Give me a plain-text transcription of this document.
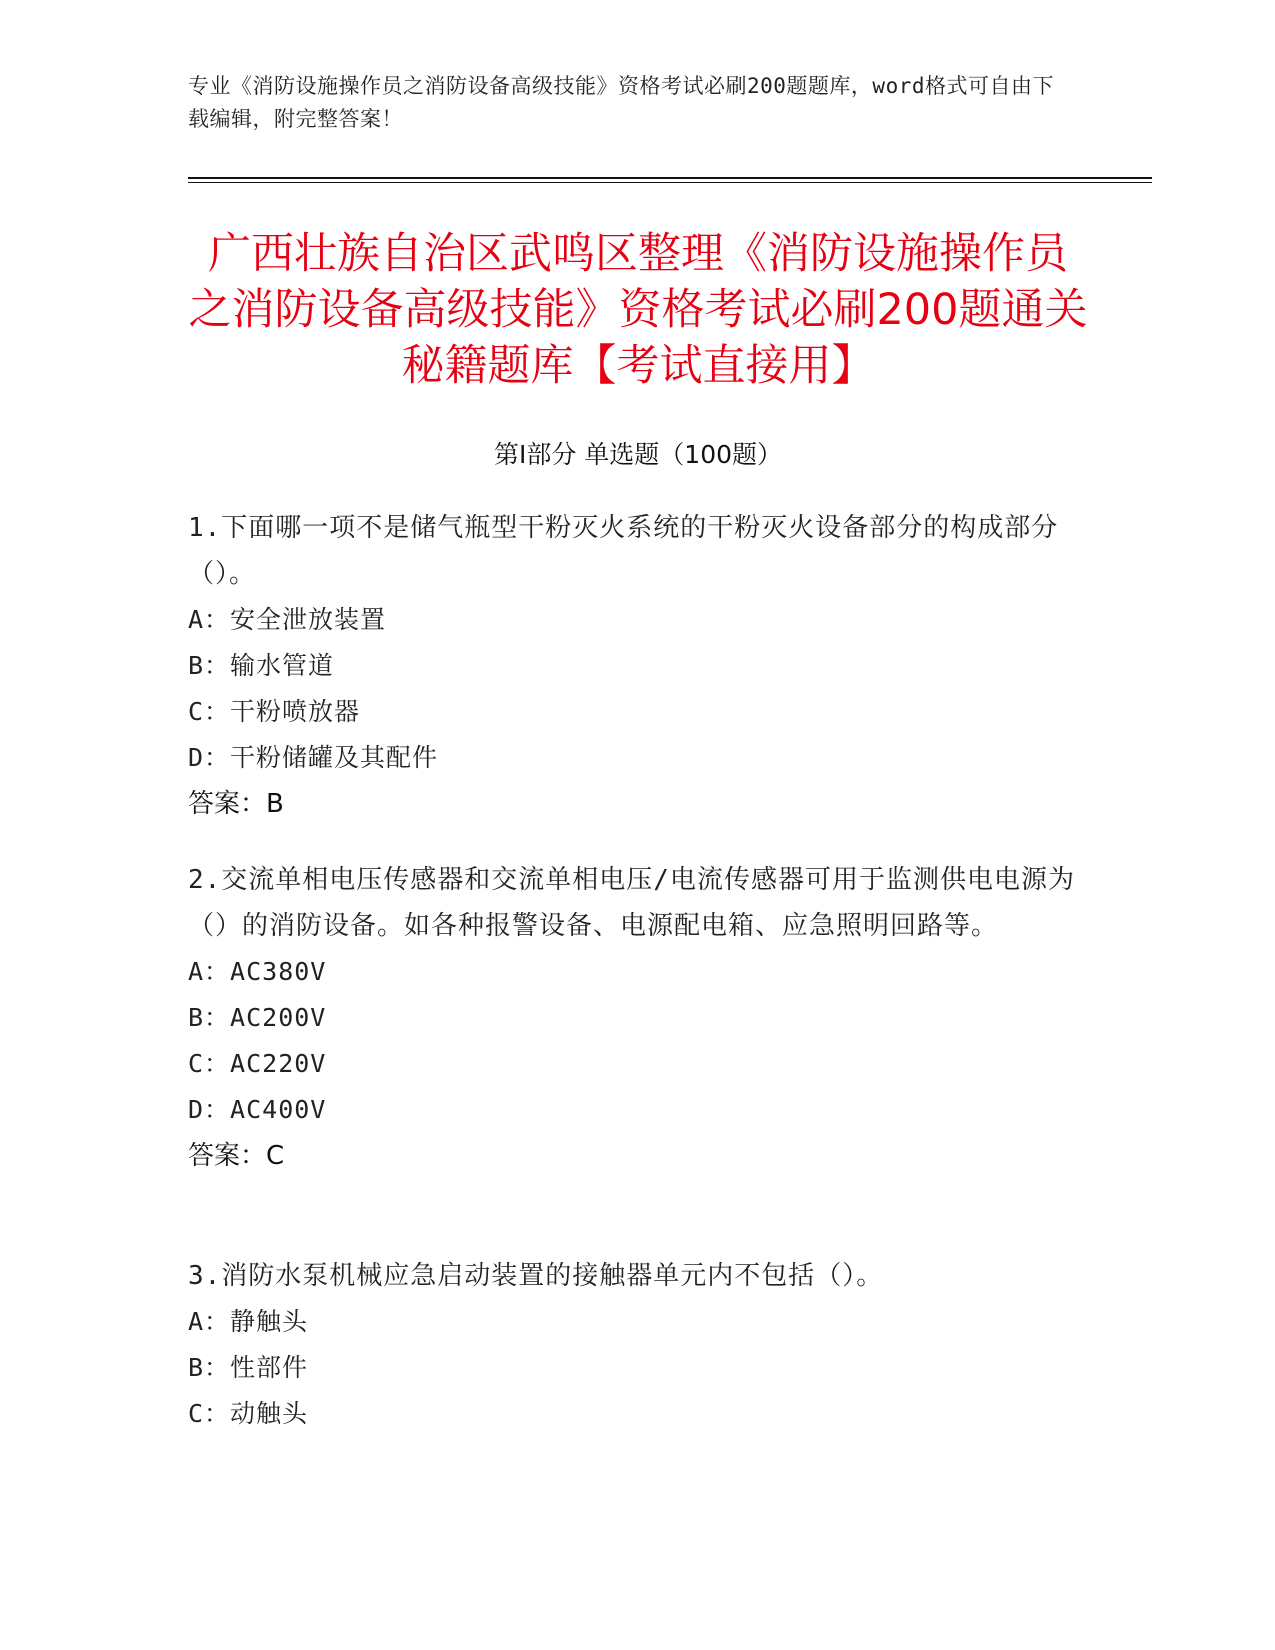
专业《消防设施操作员之消防设备高级技能》资格考试必刷200题题库，word格式可自由下载编辑，附完整答案！
广西壮族自治区武鸣区整理《消防设施操作员之消防设备高级技能》资格考试必刷200题通关秘籍题库【考试直接用】
第Ⅰ部分 单选题（100题）
1.下面哪一项不是储气瓶型干粉灭火系统的干粉灭火设备部分的构成部分（）。
A：安全泄放装置
B：输水管道
C：干粉喷放器
D：干粉储罐及其配件
答案：B
2.交流单相电压传感器和交流单相电压/电流传感器可用于监测供电电源为（）的消防设备。如各种报警设备、电源配电箱、应急照明回路等。
A：AC380V
B：AC200V
C：AC220V
D：AC400V
答案：C
3.消防水泵机械应急启动装置的接触器单元内不包括（）。
A：静触头
B：性部件
C：动触头
